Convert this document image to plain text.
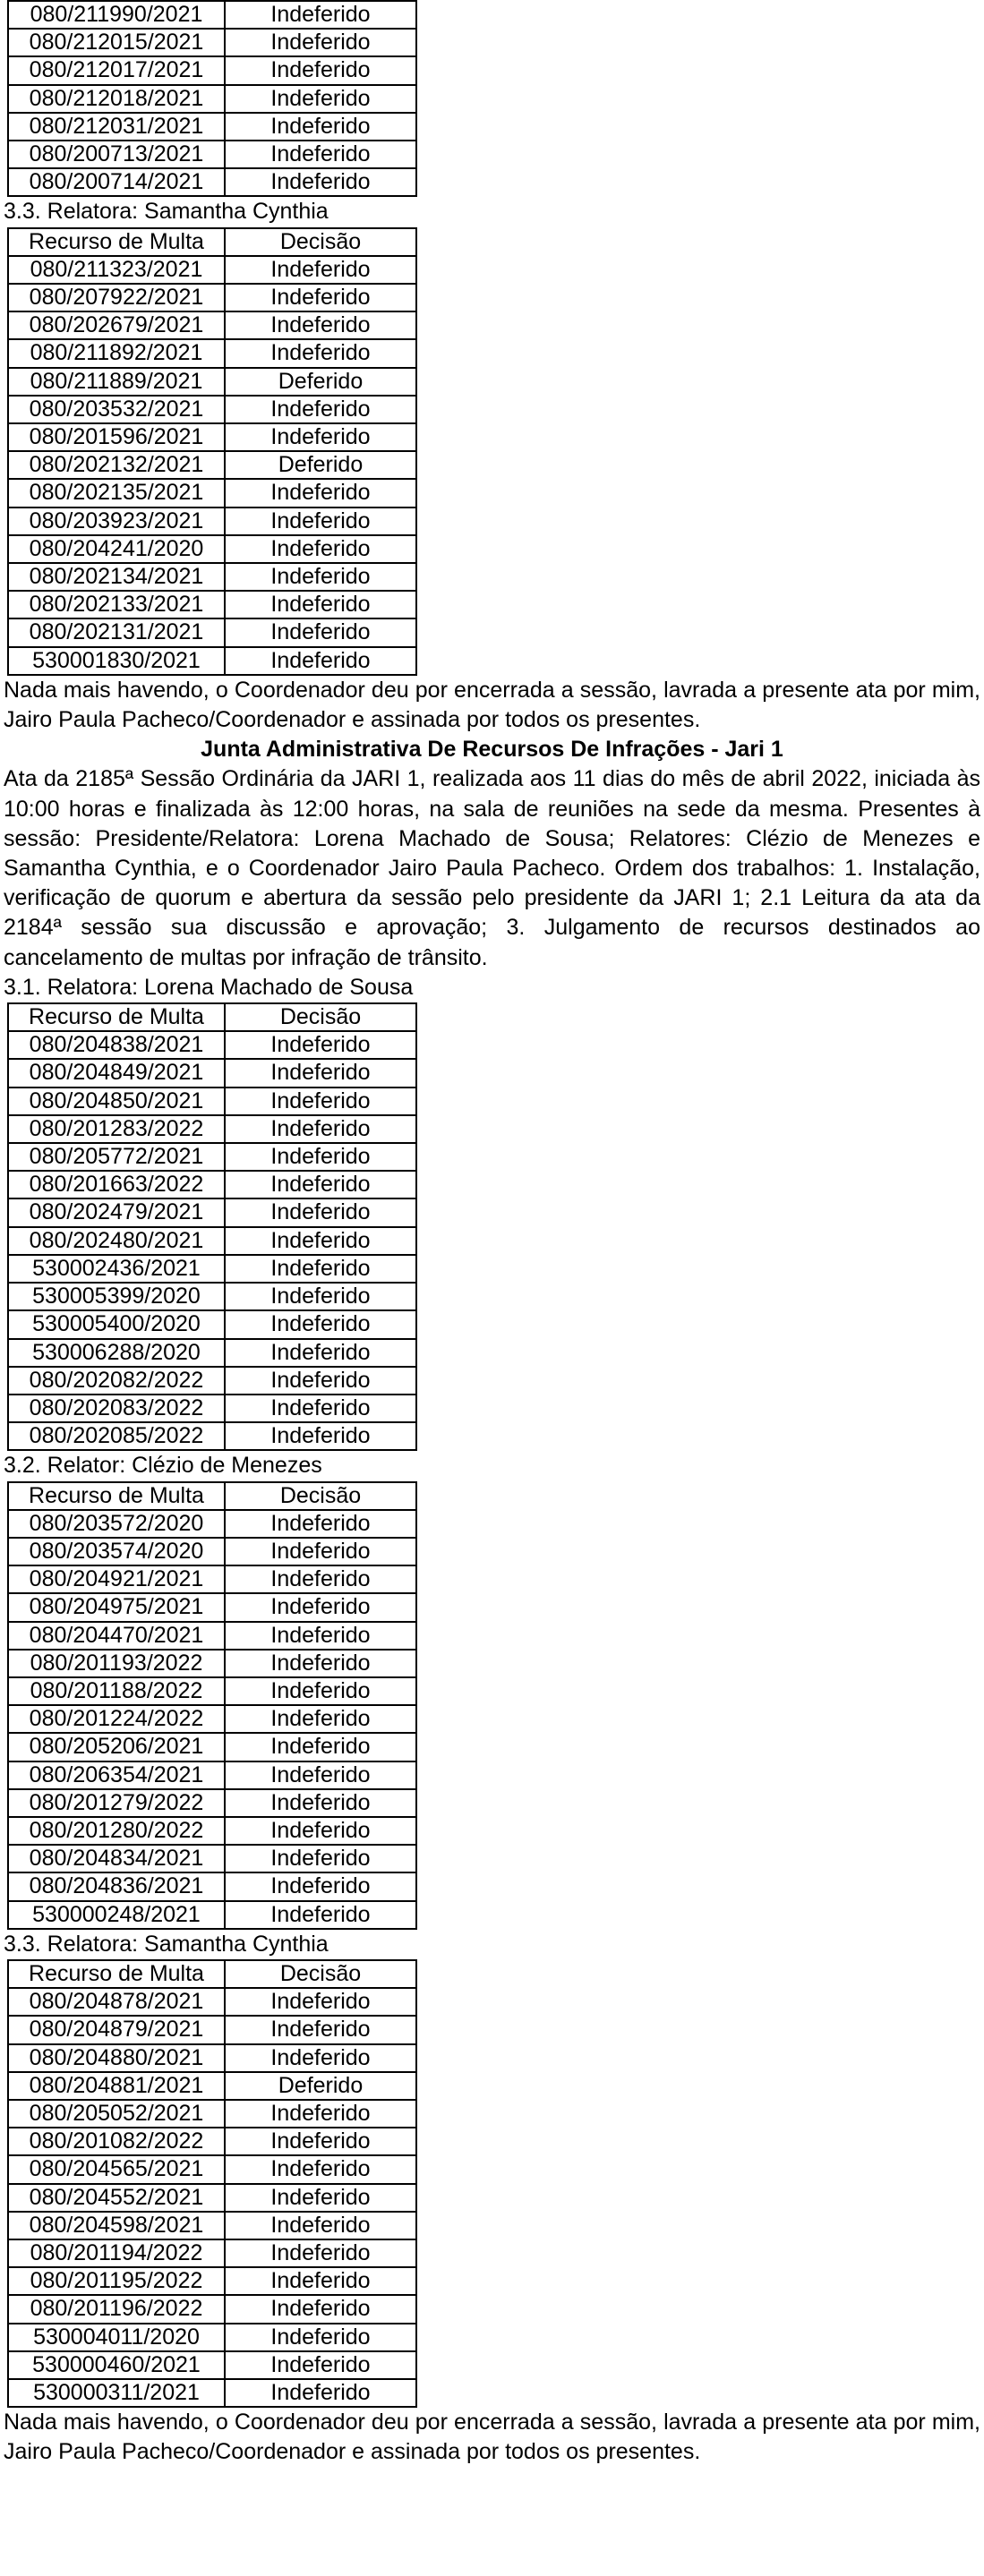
080/211990/2021	Indeferido
080/212015/2021	Indeferido
080/212017/2021	Indeferido
080/212018/2021	Indeferido
080/212031/2021	Indeferido
080/200713/2021	Indeferido
080/200714/2021	Indeferido
3.3. Relatora: Samantha Cynthia
Recurso de Multa	Decisão
080/211323/2021	Indeferido
080/207922/2021	Indeferido
080/202679/2021	Indeferido
080/211892/2021	Indeferido
080/211889/2021	Deferido
080/203532/2021	Indeferido
080/201596/2021	Indeferido
080/202132/2021	Deferido
080/202135/2021	Indeferido
080/203923/2021	Indeferido
080/204241/2020	Indeferido
080/202134/2021	Indeferido
080/202133/2021	Indeferido
080/202131/2021	Indeferido
530001830/2021	Indeferido
Nada mais havendo, o Coordenador deu por encerrada a sessão, lavrada a presente ata por mim, Jairo Paula Pacheco/Coordenador e assinada por todos os presentes.
Junta Administrativa De Recursos De Infrações - Jari 1
Ata da 2185ª Sessão Ordinária da JARI 1, realizada aos 11 dias do mês de abril 2022, iniciada às 10:00 horas e finalizada às 12:00 horas, na sala de reuniões na sede da mesma. Presentes à sessão: Presidente/Relatora: Lorena Machado de Sousa; Relatores: Clézio de Menezes e Samantha Cynthia, e o Coordenador Jairo Paula Pacheco. Ordem dos trabalhos: 1. Instalação, verificação de quorum e abertura da sessão pelo presidente da JARI 1; 2.1 Leitura da ata da 2184ª sessão sua discussão e aprovação; 3. Julgamento de recursos destinados ao cancelamento de multas por infração de trânsito.
3.1. Relatora: Lorena Machado de Sousa
Recurso de Multa	Decisão
080/204838/2021	Indeferido
080/204849/2021	Indeferido
080/204850/2021	Indeferido
080/201283/2022	Indeferido
080/205772/2021	Indeferido
080/201663/2022	Indeferido
080/202479/2021	Indeferido
080/202480/2021	Indeferido
530002436/2021	Indeferido
530005399/2020	Indeferido
530005400/2020	Indeferido
530006288/2020	Indeferido
080/202082/2022	Indeferido
080/202083/2022	Indeferido
080/202085/2022	Indeferido
3.2. Relator: Clézio de Menezes
Recurso de Multa	Decisão
080/203572/2020	Indeferido
080/203574/2020	Indeferido
080/204921/2021	Indeferido
080/204975/2021	Indeferido
080/204470/2021	Indeferido
080/201193/2022	Indeferido
080/201188/2022	Indeferido
080/201224/2022	Indeferido
080/205206/2021	Indeferido
080/206354/2021	Indeferido
080/201279/2022	Indeferido
080/201280/2022	Indeferido
080/204834/2021	Indeferido
080/204836/2021	Indeferido
530000248/2021	Indeferido
3.3. Relatora: Samantha Cynthia
Recurso de Multa	Decisão
080/204878/2021	Indeferido
080/204879/2021	Indeferido
080/204880/2021	Indeferido
080/204881/2021	Deferido
080/205052/2021	Indeferido
080/201082/2022	Indeferido
080/204565/2021	Indeferido
080/204552/2021	Indeferido
080/204598/2021	Indeferido
080/201194/2022	Indeferido
080/201195/2022	Indeferido
080/201196/2022	Indeferido
530004011/2020	Indeferido
530000460/2021	Indeferido
530000311/2021	Indeferido
Nada mais havendo, o Coordenador deu por encerrada a sessão, lavrada a presente ata por mim, Jairo Paula Pacheco/Coordenador e assinada por todos os presentes.
